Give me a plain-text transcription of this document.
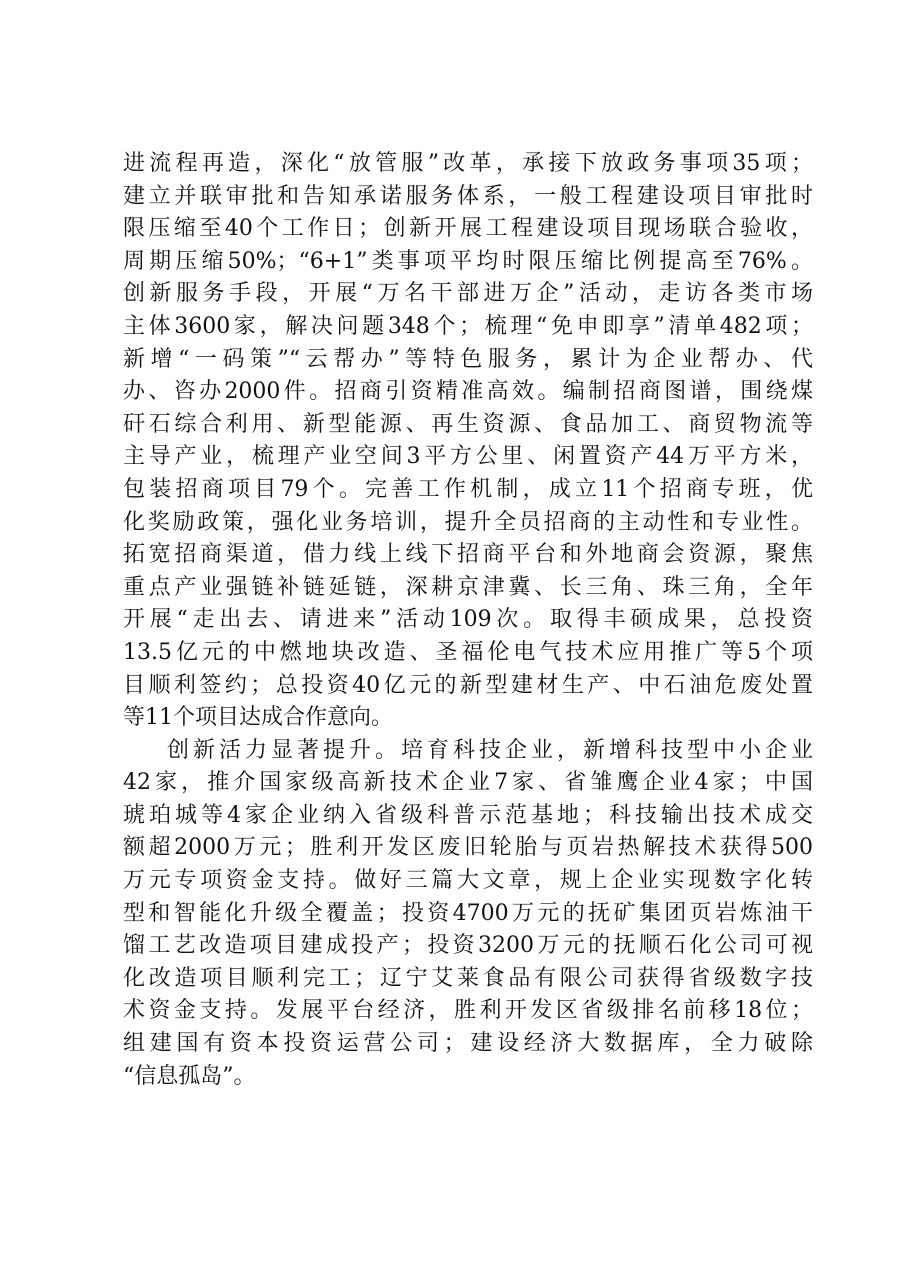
进流程再造，深化“放管服”改革，承接下放政务事项35项；
建立并联审批和告知承诺服务体系，一般工程建设项目审批时
限压缩至40个工作日；创新开展工程建设项目现场联合验收，
周期压缩50%；“6+1”类事项平均时限压缩比例提高至76%。
创新服务手段，开展“万名干部进万企”活动，走访各类市场
主体3600家，解决问题348个；梳理“免申即享”清单482项；
新增“一码策”“云帮办”等特色服务，累计为企业帮办、代
办、咨办2000件。招商引资精准高效。编制招商图谱，围绕煤
矸石综合利用、新型能源、再生资源、食品加工、商贸物流等
主导产业，梳理产业空间3平方公里、闲置资产44万平方米，
包装招商项目79个。完善工作机制，成立11个招商专班，优
化奖励政策，强化业务培训，提升全员招商的主动性和专业性。
拓宽招商渠道，借力线上线下招商平台和外地商会资源，聚焦
重点产业强链补链延链，深耕京津冀、长三角、珠三角，全年
开展“走出去、请进来”活动109次。取得丰硕成果，总投资
13.5亿元的中燃地块改造、圣福伦电气技术应用推广等5个项
目顺利签约；总投资40亿元的新型建材生产、中石油危废处置
等11个项目达成合作意向。
创新活力显著提升。培育科技企业，新增科技型中小企业
42家，推介国家级高新技术企业7家、省雏鹰企业4家；中国
琥珀城等4家企业纳入省级科普示范基地；科技输出技术成交
额超2000万元；胜利开发区废旧轮胎与页岩热解技术获得500
万元专项资金支持。做好三篇大文章，规上企业实现数字化转
型和智能化升级全覆盖；投资4700万元的抚矿集团页岩炼油干
馏工艺改造项目建成投产；投资3200万元的抚顺石化公司可视
化改造项目顺利完工；辽宁艾莱食品有限公司获得省级数字技
术资金支持。发展平台经济，胜利开发区省级排名前移18位；
组建国有资本投资运营公司；建设经济大数据库，全力破除
“信息孤岛”。
